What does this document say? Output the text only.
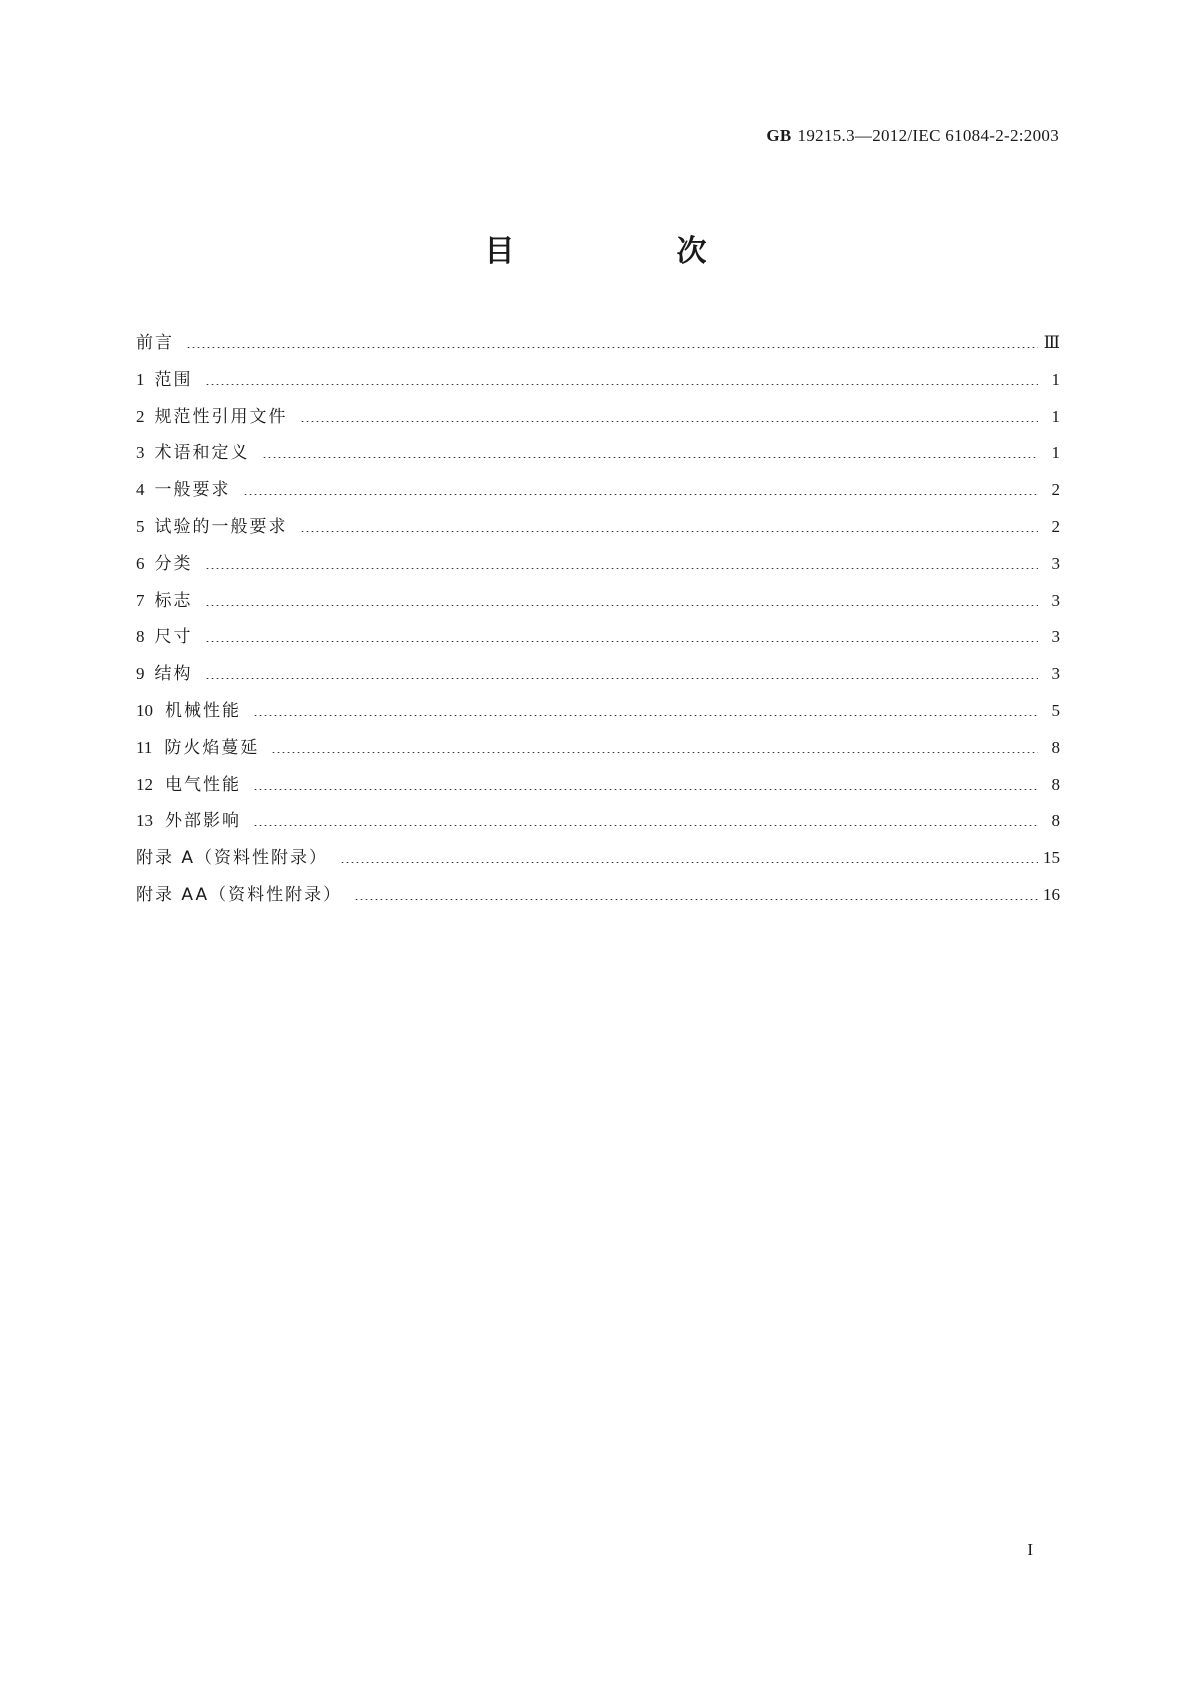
GB 19215.3—2012/IEC 61084-2-2:2003
目　次
前言	Ⅲ
1 范围	1
2 规范性引用文件	1
3 术语和定义	1
4 一般要求	2
5 试验的一般要求	2
6 分类	3
7 标志	3
8 尺寸	3
9 结构	3
10 机械性能	5
11 防火焰蔓延	8
12 电气性能	8
13 外部影响	8
附录 A（资料性附录）	15
附录 AA（资料性附录）	16
I
